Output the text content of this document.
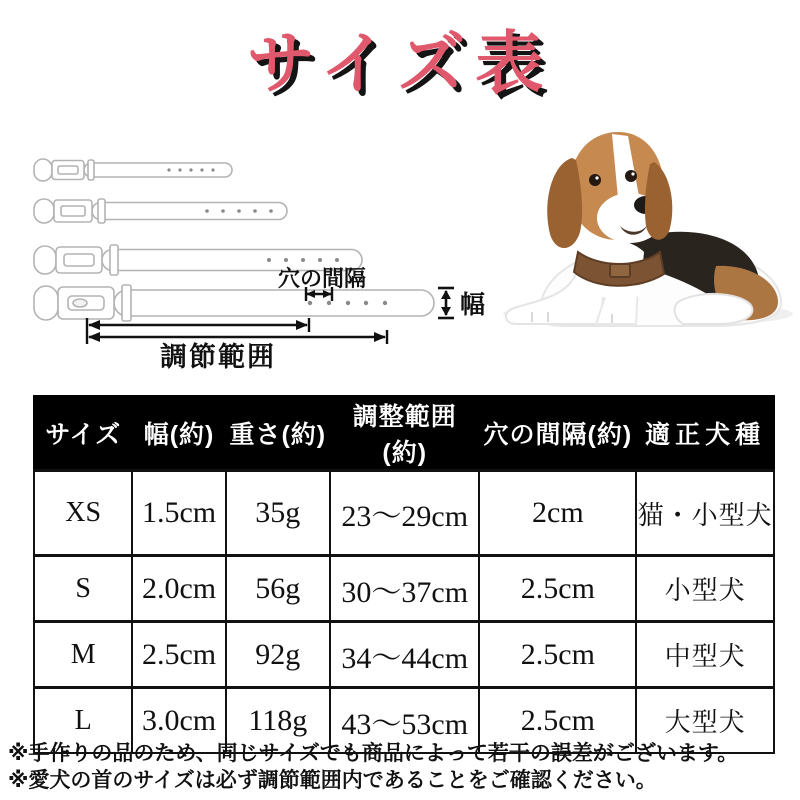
サイズ表
穴の間隔
幅
調節範囲
サイズ	幅(約)	重さ(約)	調整範囲(約)	穴の間隔(約)	適正犬種
XS	1.5cm	35g	23〜29cm	2cm	猫・小型犬
S	2.0cm	56g	30〜37cm	2.5cm	小型犬
M	2.5cm	92g	34〜44cm	2.5cm	中型犬
L	3.0cm	118g	43〜53cm	2.5cm	大型犬

※手作りの品のため、同じサイズでも商品によって若干の誤差がございます。

※愛犬の首のサイズは必ず調節範囲内であることをご確認ください。
